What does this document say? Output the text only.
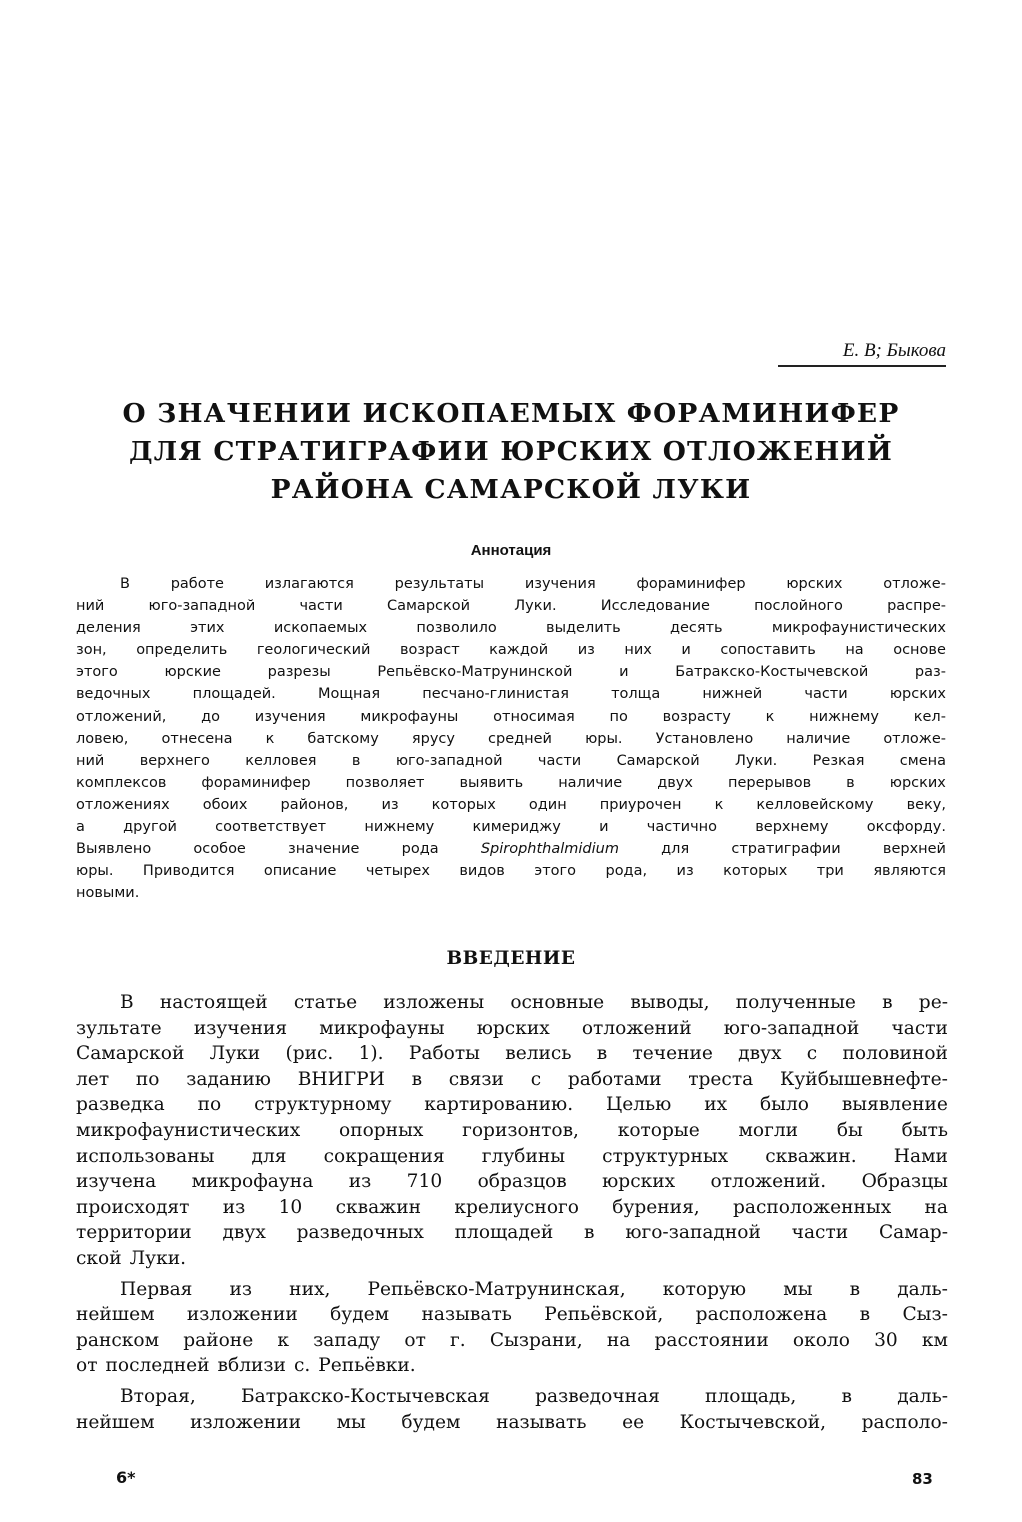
Е. В; Быкова
О ЗНАЧЕНИИ ИСКОПАЕМЫХ ФОРАМИНИФЕР
ДЛЯ СТРАТИГРАФИИ ЮРСКИХ ОТЛОЖЕНИЙ
РАЙОНА САМАРСКОЙ ЛУКИ
Аннотация
В	работе	излагаются	результаты	изучения	фораминифер	юрских	отложе-
ний	юго-западной	части	Самарской	Луки.	Исследование	послойного	распре-
деления	этих	ископаемых	позволило	выделить	десять	микрофаунистических
зон, определить геологический возраст каждой из них и сопоставить на основе
этого	юрские	разрезы	Репьёвско-Матрунинской	и	Батракско-Костычевской	раз-
ведочных	площадей.	Мощная	песчано-глинистая	толща	нижней	части	юрских
отложений, до изучения микрофауны относимая по возрасту к нижнему кел-
ловею, отнесена к батскому ярусу средней юры. Установлено наличие отложе-
ний верхнего келловея в юго-западной части Самарской Луки. Резкая смена
комплексов фораминифер позволяет выявить наличие двух перерывов в юрских
отложениях обоих районов, из которых один приурочен к келловейскому веку,
а	другой	соответствует	нижнему	кимериджу	и	частично	верхнему	оксфорду.
Выявлено	особое	значение	рода	Spirophthalmidium	для	стратиграфии	верхней
юры. Приводится описание четырех видов этого рода, из которых три являются
новыми.
ВВЕДЕНИЕ
В настоящей статье изложены основные выводы, полученные в ре-
зультате изучения микрофауны юрских отложений юго-западной части
Самарской Луки (рис. 1). Работы велись в течение двух с половиной
лет по заданию ВНИГРИ в связи с работами треста Куйбышевнефте-
разведка по структурному картированию. Целью их было выявление
микрофаунистических опорных горизонтов, которые могли бы быть
использованы для сокращения глубины структурных скважин. Нами
изучена микрофауна из 710 образцов юрских отложений. Образцы
происходят из 10 скважин крелиусного бурения, расположенных на
территории двух разведочных площадей в юго-западной части Самар-
ской Луки.
Первая из них, Репьёвско-Матрунинская, которую мы в даль-
нейшем изложении будем называть Репьёвской, расположена в Сыз-
ранском районе к западу от г. Сызрани, на расстоянии около 30 км
от последней вблизи с. Репьёвки.
Вторая, Батракско-Костычевская разведочная площадь, в даль-
нейшем изложении мы будем называть ее Костычевской, располо-
6*	83
